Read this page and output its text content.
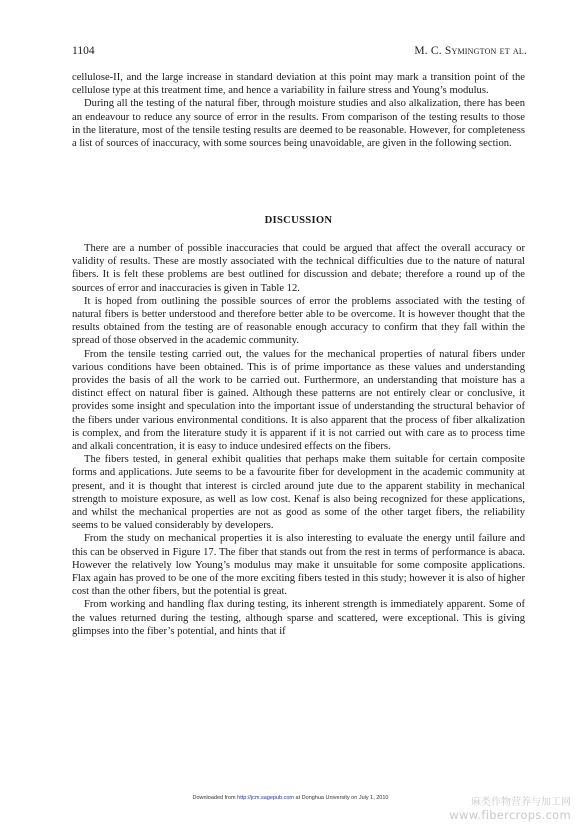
1104	M. C. Symington et al.

cellulose-II, and the large increase in standard deviation at this point may mark a transition point of the cellulose type at this treatment time, and hence a variability in failure stress and Young’s modulus.

During all the testing of the natural fiber, through moisture studies and also alkalization, there has been an endeavour to reduce any source of error in the results. From comparison of the testing results to those in the literature, most of the tensile testing results are deemed to be reasonable. However, for completeness a list of sources of inaccuracy, with some sources being unavoidable, are given in the following section.

DISCUSSION

There are a number of possible inaccuracies that could be argued that affect the overall accuracy or validity of results. These are mostly associated with the technical difficulties due to the nature of natural fibers. It is felt these problems are best outlined for discussion and debate; therefore a round up of the sources of error and inaccuracies is given in Table 12.

It is hoped from outlining the possible sources of error the problems associated with the testing of natural fibers is better understood and therefore better able to be overcome. It is however thought that the results obtained from the testing are of reasonable enough accuracy to confirm that they fall within the spread of those observed in the academic community.

From the tensile testing carried out, the values for the mechanical properties of natural fibers under various conditions have been obtained. This is of prime importance as these values and understanding provides the basis of all the work to be carried out. Furthermore, an understanding that moisture has a distinct effect on natural fiber is gained. Although these patterns are not entirely clear or conclusive, it provides some insight and speculation into the important issue of understanding the structural behavior of the fibers under various environmental conditions. It is also apparent that the process of fiber alkalization is complex, and from the literature study it is apparent if it is not carried out with care as to process time and alkali concentration, it is easy to induce undesired effects on the fibers.

The fibers tested, in general exhibit qualities that perhaps make them suitable for certain composite forms and applications. Jute seems to be a favourite fiber for development in the academic community at present, and it is thought that interest is circled around jute due to the apparent stability in mechanical strength to moisture exposure, as well as low cost. Kenaf is also being recognized for these applications, and whilst the mechanical properties are not as good as some of the other target fibers, the reliability seems to be valued considerably by developers.

From the study on mechanical properties it is also interesting to evaluate the energy until failure and this can be observed in Figure 17. The fiber that stands out from the rest in terms of performance is abaca. However the relatively low Young’s modulus may make it unsuitable for some composite applications. Flax again has proved to be one of the more exciting fibers tested in this study; however it is also of higher cost than the other fibers, but the potential is great.

From working and handling flax during testing, its inherent strength is immediately apparent. Some of the values returned during the testing, although sparse and scattered, were exceptional. This is giving glimpses into the fiber’s potential, and hints that if

Downloaded from http://jcm.sagepub.com at Donghua University on July 1, 2010	麻类作物营养与加工网
www.fibercrops.com
